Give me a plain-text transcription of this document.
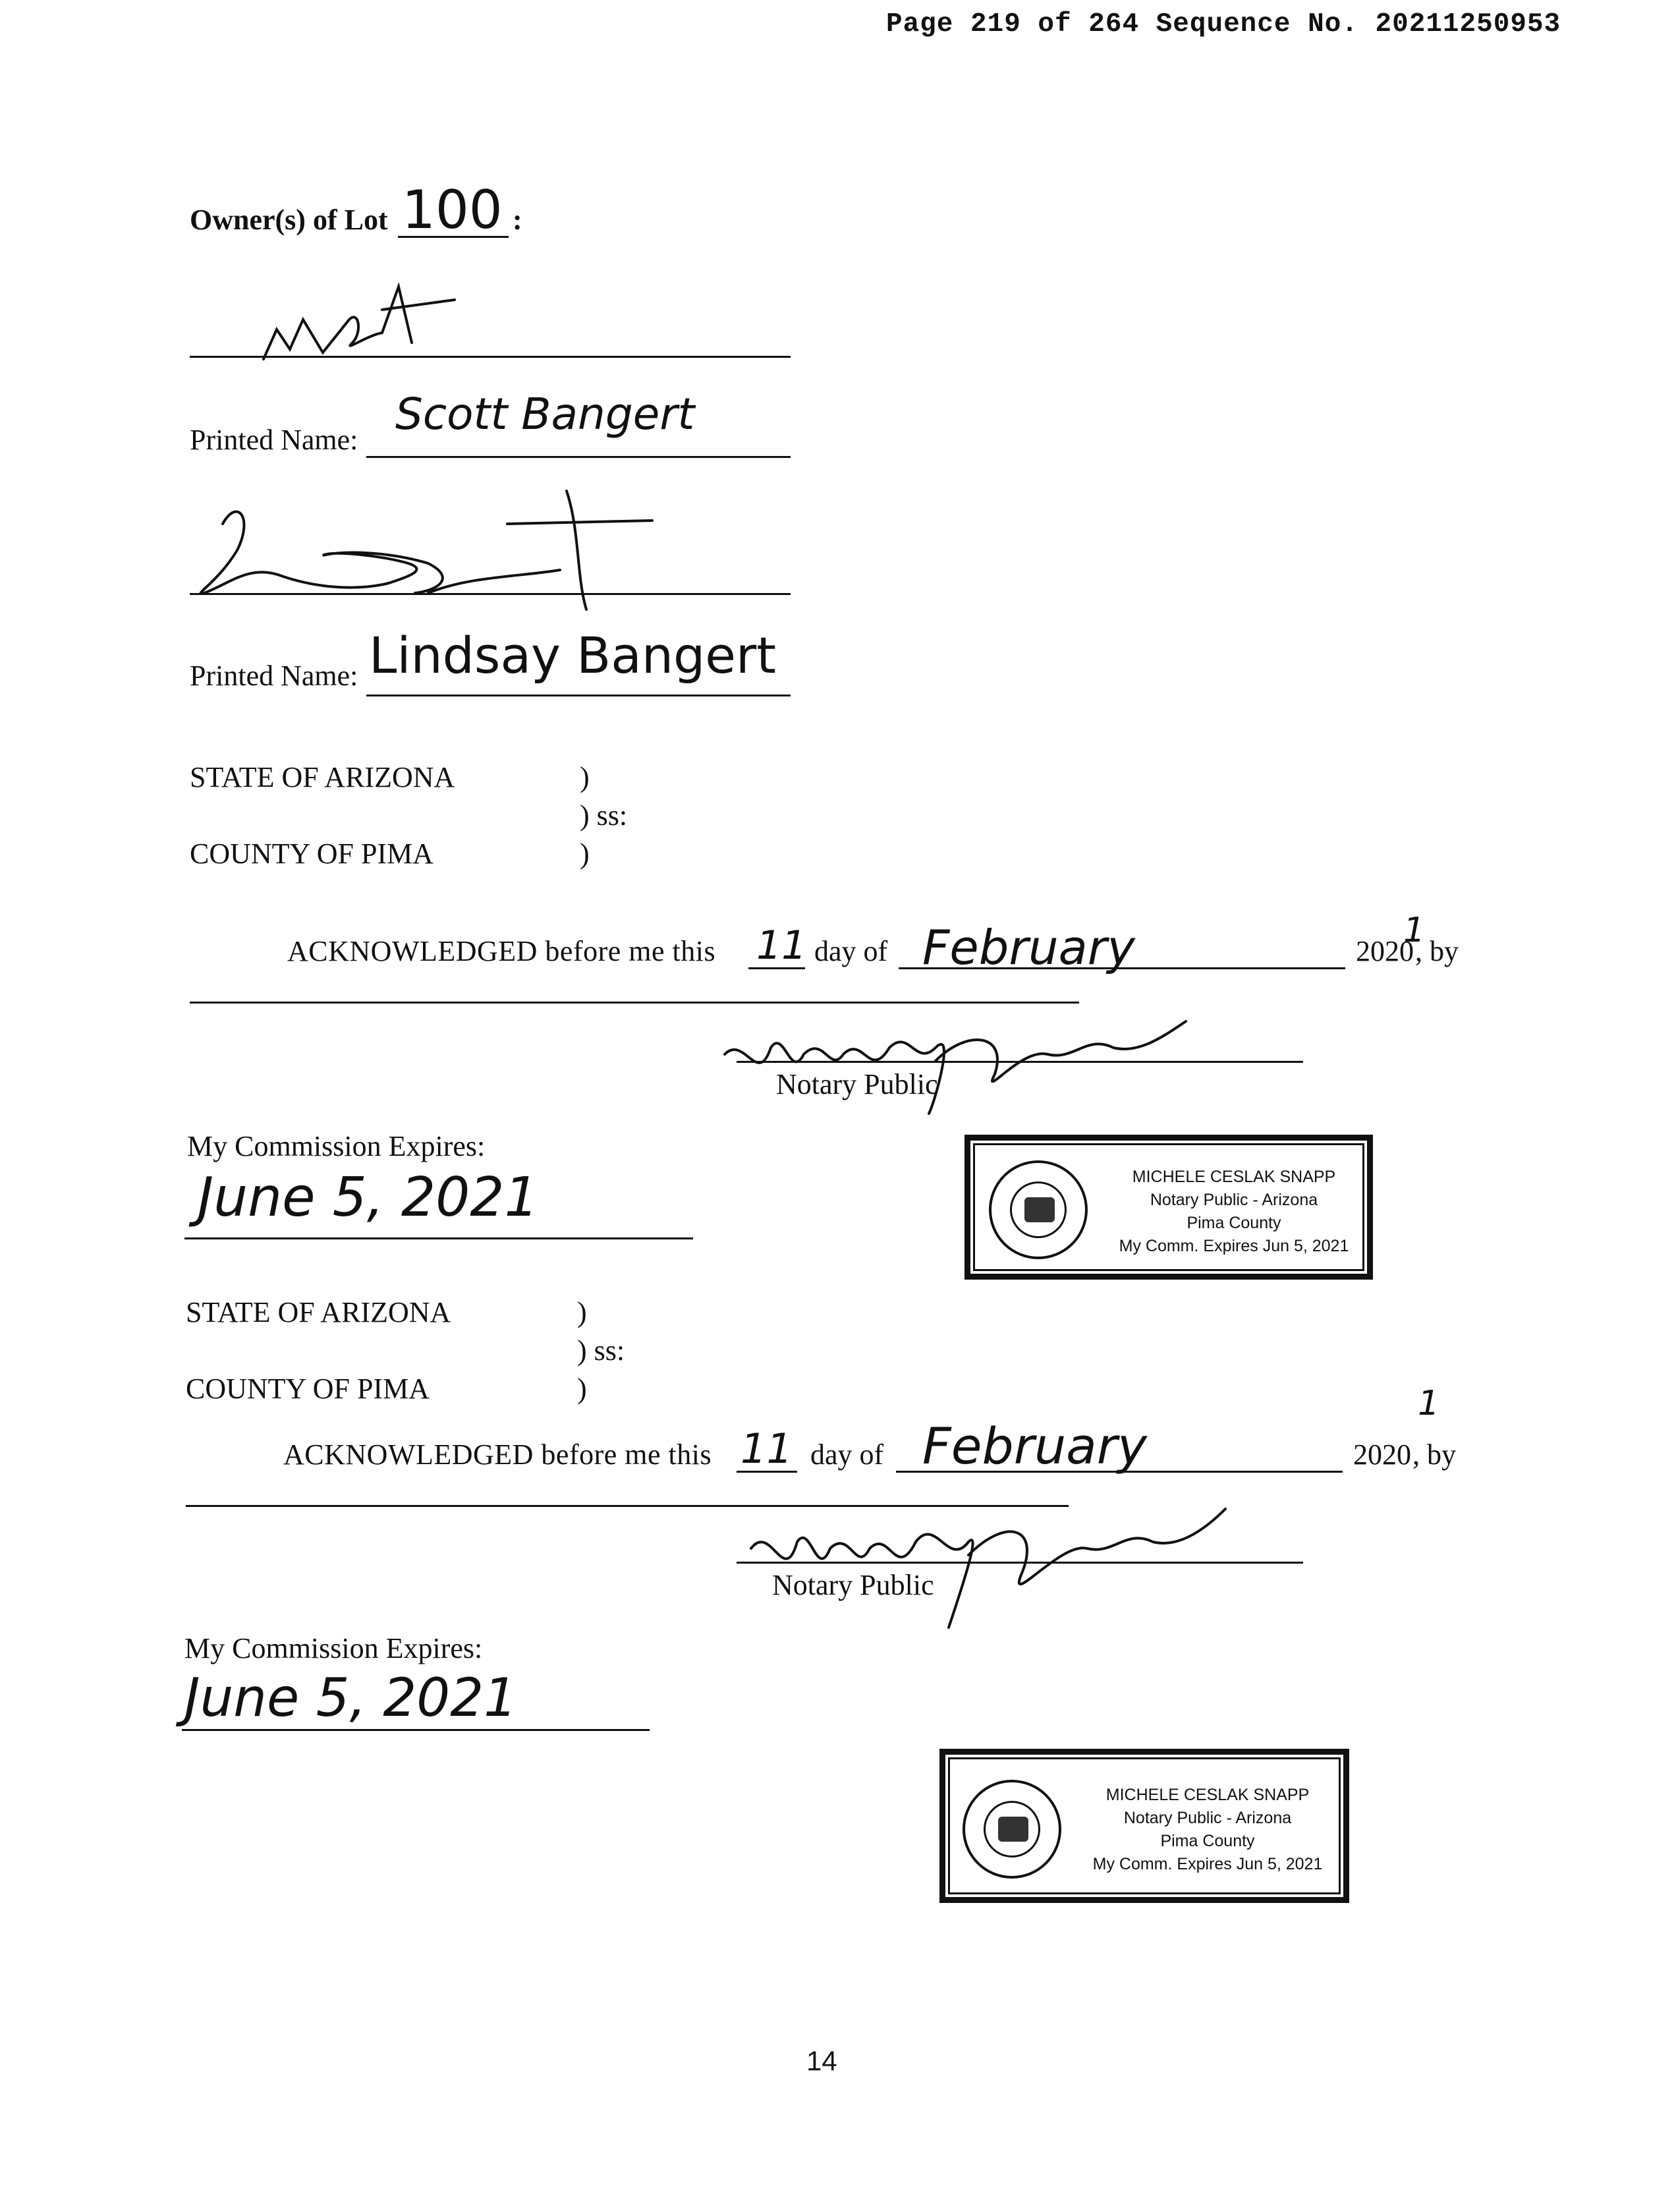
Page 219 of 264 Sequence No. 20211250953
Owner(s) of Lot 100 :
Printed Name:
Scott Bangert
Printed Name: Lindsay Bangert
STATE OF ARIZONA	)
) ss:
COUNTY OF PIMA	)
ACKNOWLEDGED before me this 11 day of February	2020
1
, by
Notary Public
My Commission Expires:
June 5, 2021	MICHELE CESLAK SNAPP
Notary Public - Arizona
Pima County
My Comm. Expires Jun 5, 2021
STATE OF ARIZONA	)
) ss:
COUNTY OF PIMA	)
ACKNOWLEDGED before me this 11 day of February	2020
1
, by
Notary Public
My Commission Expires:
June 5, 2021
MICHELE CESLAK SNAPP
Notary Public - Arizona
Pima County
My Comm. Expires Jun 5, 2021
14
